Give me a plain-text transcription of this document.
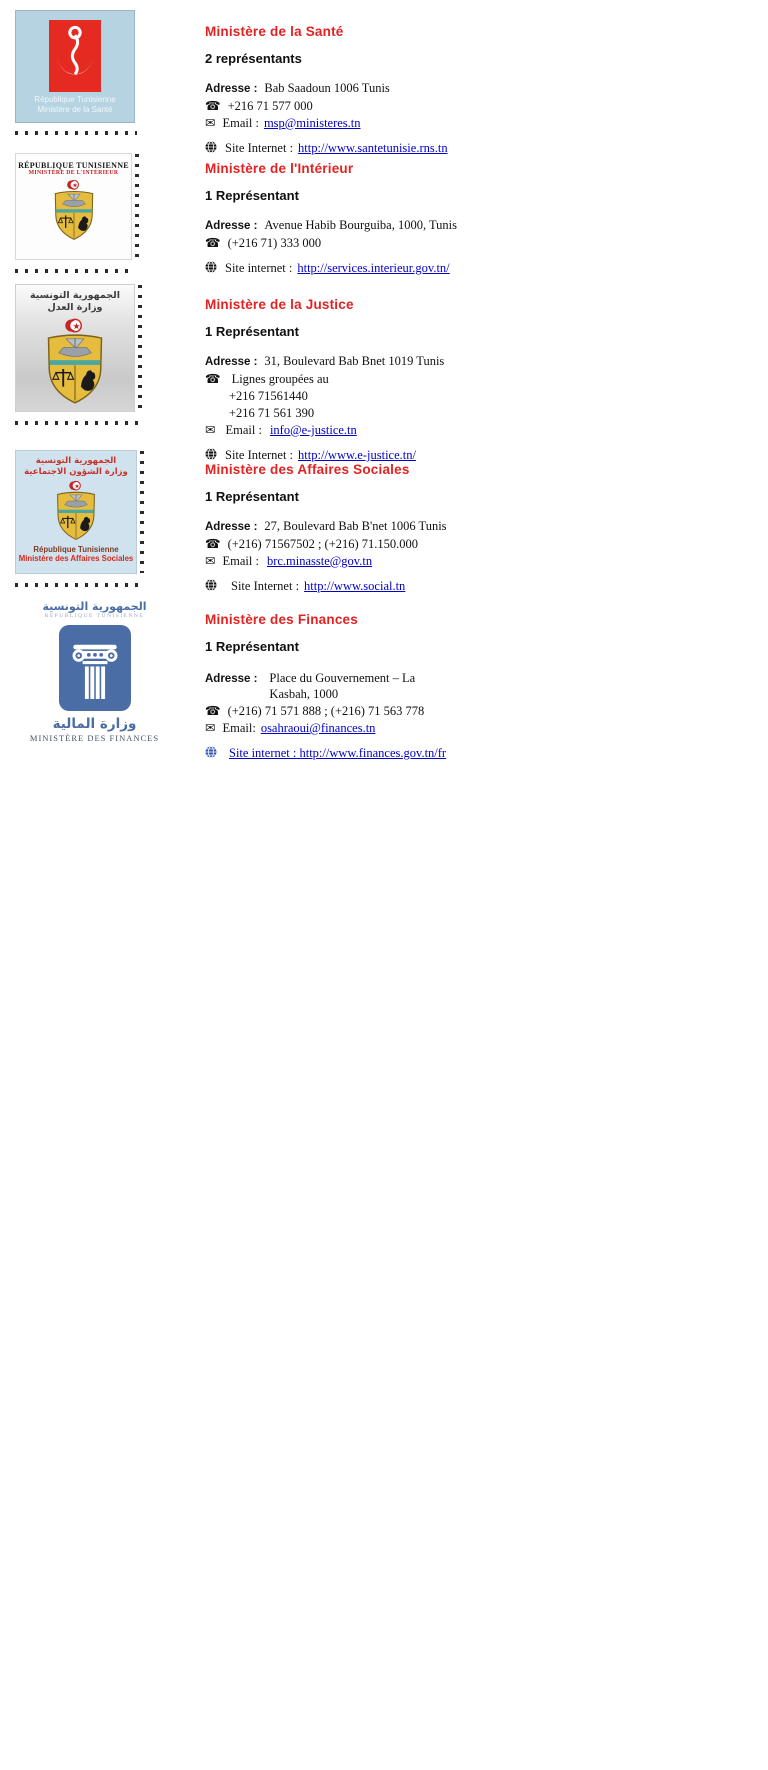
République Tunisienne
Ministère de la Santé
Ministère de la Santé
2 représentants
Adresse : Bab Saadoun 1006 Tunis
☎ +216 71 577 000
✉ Email : msp@ministeres.tn
Site Internet : http://www.santetunisie.rns.tn
RÉPUBLIQUE TUNISIENNE
MINISTÈRE DE L'INTÉRIEUR	Ministère de l'Intérieur
1 Représentant
Adresse : Avenue Habib Bourguiba, 1000, Tunis
☎ (+216 71) 333 000
Site internet : http://services.interieur.gov.tn/
الجمهورية التونسية
وزارة العدل	Ministère de la Justice
1 Représentant
Adresse : 31, Boulevard Bab Bnet 1019 Tunis
☎ Lignes groupées au
+216 71561440
+216 71 561 390
✉ Email : info@e-justice.tn
Site Internet : http://www.e-justice.tn/
الجمهورية التونسية
وزارة الشؤون الاجتماعية
République Tunisienne
Ministère des Affaires Sociales
Ministère des Affaires Sociales
1 Représentant
Adresse : 27, Boulevard Bab B'net 1006 Tunis
☎ (+216) 71567502 ; (+216) 71.150.000
✉ Email : brc.minasste@gov.tn
Site Internet : http://www.social.tn
الجمهورية التونسية
RÉPUBLIQUE TUNISIENNE
وزارة المالية
MINISTÈRE DES FINANCES
Ministère des Finances
1 Représentant
Adresse : Place du Gouvernement – La
Kasbah, 1000
☎ (+216) 71 571 888 ; (+216) 71 563 778
✉ Email: osahraoui@finances.tn
Site internet : http://www.finances.gov.tn/fr
